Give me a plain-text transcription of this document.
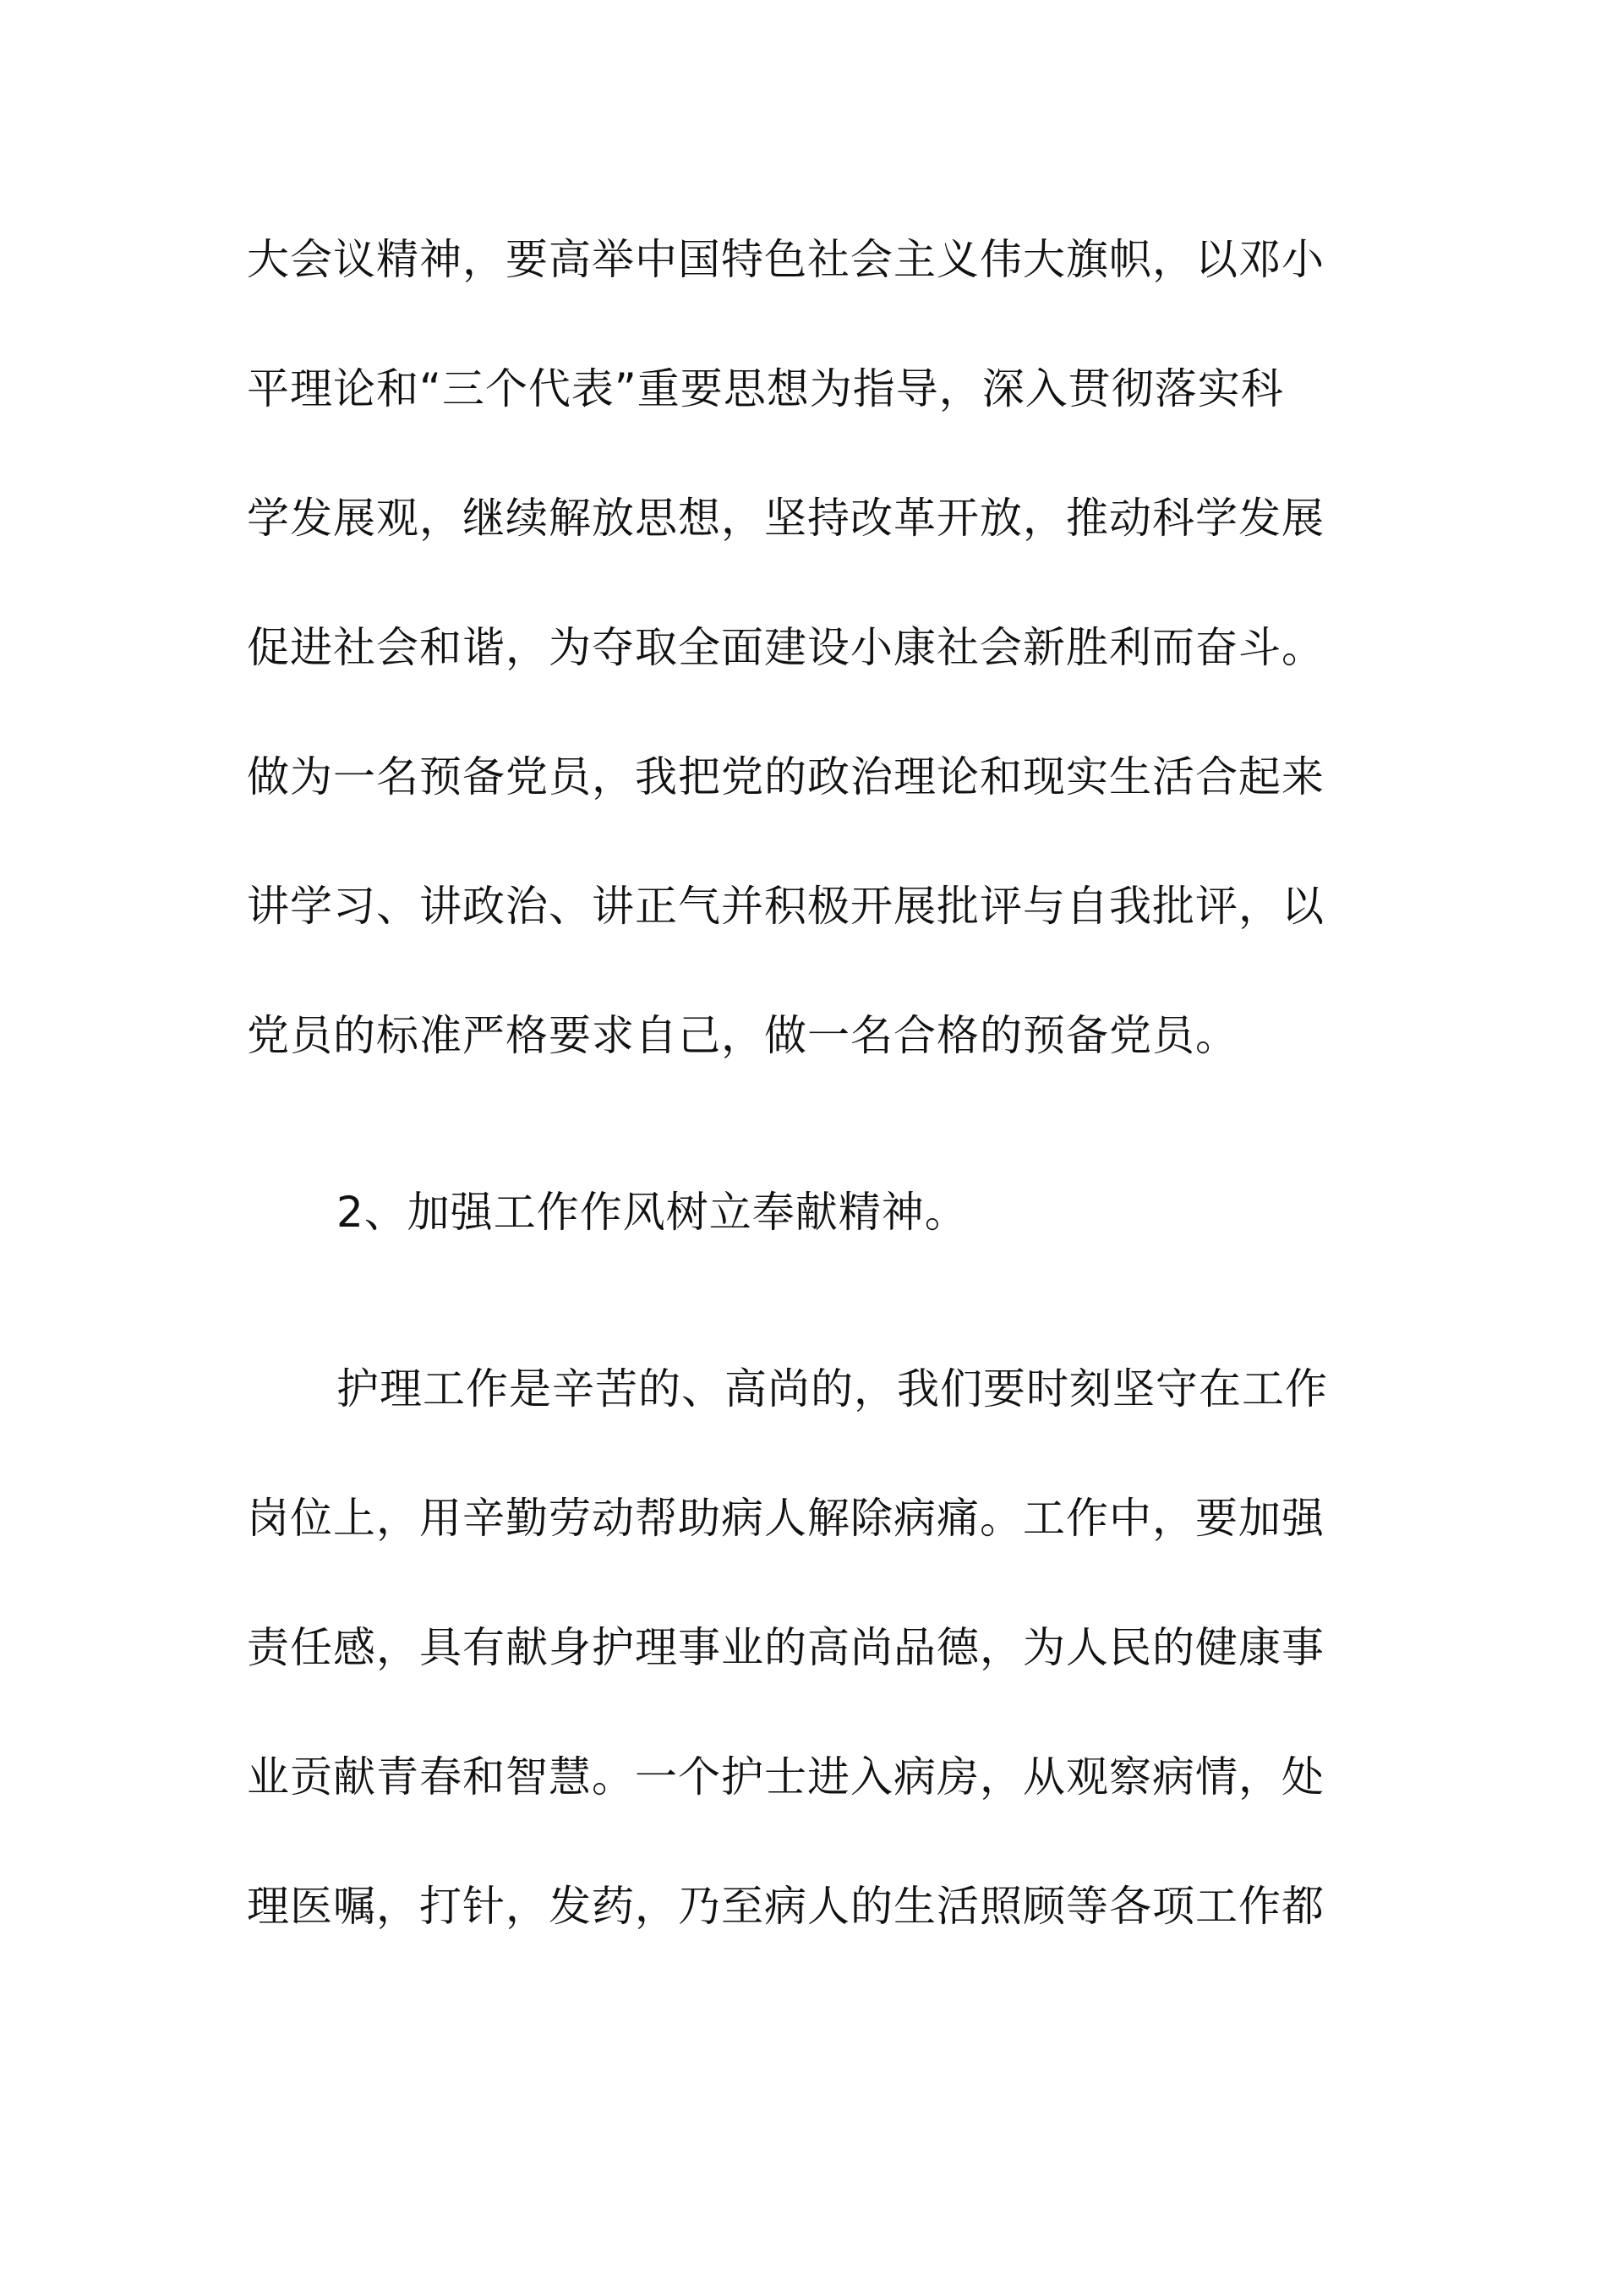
大会议精神，要高举中国特色社会主义伟大旗帜，以邓小
平理论和“三个代表”重要思想为指导，深入贯彻落实科
学发展观，继续解放思想，坚持改革开放，推动科学发展
促进社会和谐，为夺取全面建设小康社会新胜利而奋斗。
做为一名预备党员，我把党的政治理论和现实生活合起来
讲学习、讲政治、讲正气并积极开展批评与自我批评，以
党员的标准严格要求自己，做一名合格的预备党员。
2、加强工作作风树立奉献精神。
护理工作是辛苦的、高尚的，我们要时刻坚守在工作
岗位上，用辛勤劳动帮助病人解除病痛。工作中，要加强
责任感，具有献身护理事业的高尚品德，为人民的健康事
业贡献青春和智慧。一个护士进入病房，从观察病情，处
理医嘱，打针，发药，乃至病人的生活照顾等各项工作都
